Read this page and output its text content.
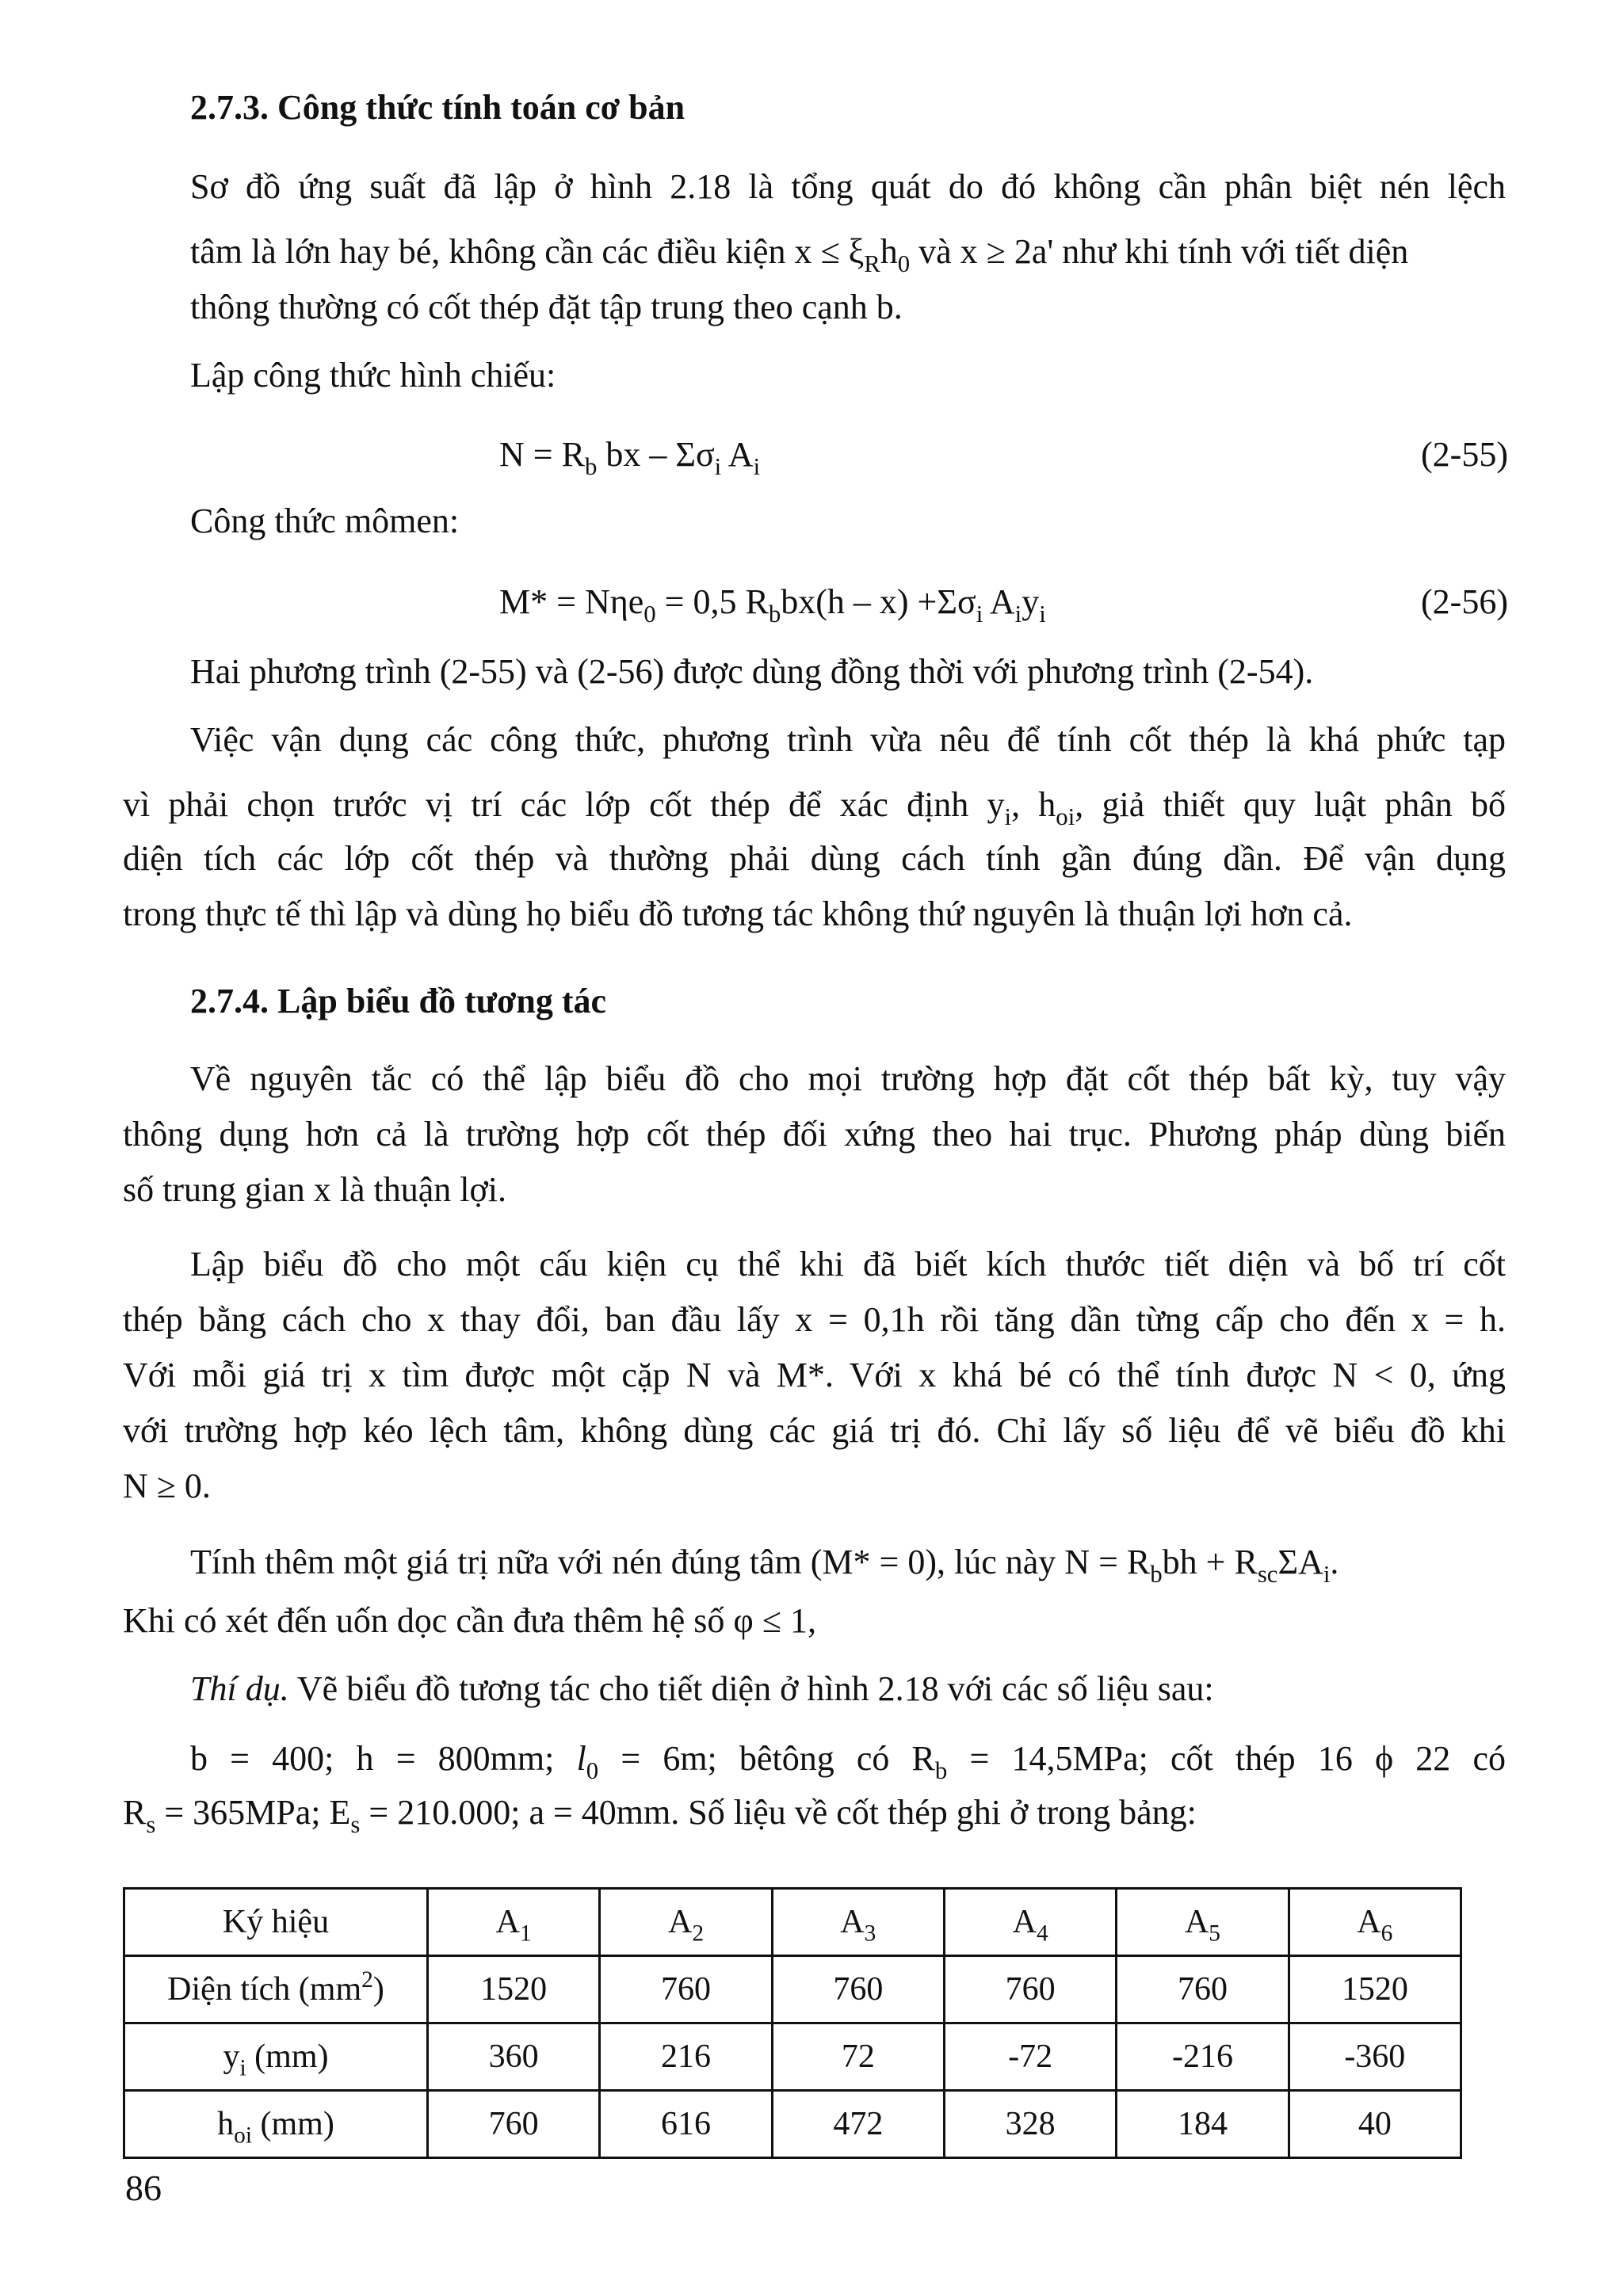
2.7.3. Công thức tính toán cơ bản
Sơ đồ ứng suất đã lập ở hình 2.18 là tổng quát do đó không cần phân biệt nén lệch
tâm là lớn hay bé, không cần các điều kiện $x \le \xi_Rh_0$ và x ≥ 2a' như khi tính với tiết diện
thông thường có cốt thép đặt tập trung theo cạnh b.
Lập công thức hình chiếu:
$N = R_b$ bx – $\Sigma\sigma_i$ $A_i$	(2-55)
Công thức mômen:
M* = Nηe$_0$ = 0,5 $R_bbx(h - x) +\Sigma\sigma_i$ $A_iy_i$	(2-56)
Hai phương trình (2-55) và (2-56) được dùng đồng thời với phương trình (2-54).
Việc vận dụng các công thức, phương trình vừa nêu để tính cốt thép là khá phức tạp
vì phải chọn trước vị trí các lớp cốt thép để xác định $y_i$, $h_{oi}$, giả thiết quy luật phân bố
diện tích các lớp cốt thép và thường phải dùng cách tính gần đúng dần. Để vận dụng
trong thực tế thì lập và dùng họ biểu đồ tương tác không thứ nguyên là thuận lợi hơn cả.
2.7.4. Lập biểu đồ tương tác
Về nguyên tắc có thể lập biểu đồ cho mọi trường hợp đặt cốt thép bất kỳ, tuy vậy
thông dụng hơn cả là trường hợp cốt thép đối xứng theo hai trục. Phương pháp dùng biến
số trung gian x là thuận lợi.
Lập biểu đồ cho một cấu kiện cụ thể khi đã biết kích thước tiết diện và bố trí cốt
thép bằng cách cho x thay đổi, ban đầu lấy x = 0,1h rồi tăng dần từng cấp cho đến x = h.
Với mỗi giá trị x tìm được một cặp N và M*. Với x khá bé có thể tính được N < 0, ứng
với trường hợp kéo lệch tâm, không dùng các giá trị đó. Chỉ lấy số liệu để vẽ biểu đồ khi
N ≥ 0.
Tính thêm một giá trị nữa với nén đúng tâm (M* = 0), lúc này $N = R_bbh + R_{sc}\Sigma A_i$.
Khi có xét đến uốn dọc cần đưa thêm hệ số φ ≤ 1,
Thí dụ. Vẽ biểu đồ tương tác cho tiết diện ở hình 2.18 với các số liệu sau:
b = 400; h = 800mm; $l_0 = 6m$; bêtông có $R_b = 14,5MPa$; cốt thép 16 ϕ 22 có
$R_s = 365MPa$; $E_s = 210.000$; a = 40mm. Số liệu về cốt thép ghi ở trong bảng:
Ký hiệu	$A_1$	$A_2$	$A_3$	$A_4$	$A_5$	$A_6$
Diện tích $(mm^2)$	1520	760	760	760	760	1520
$y_i$ (mm)	360	216	72	-72	-216	-360
$h_{oi}$ (mm)	760	616	472	328	184	40
86
